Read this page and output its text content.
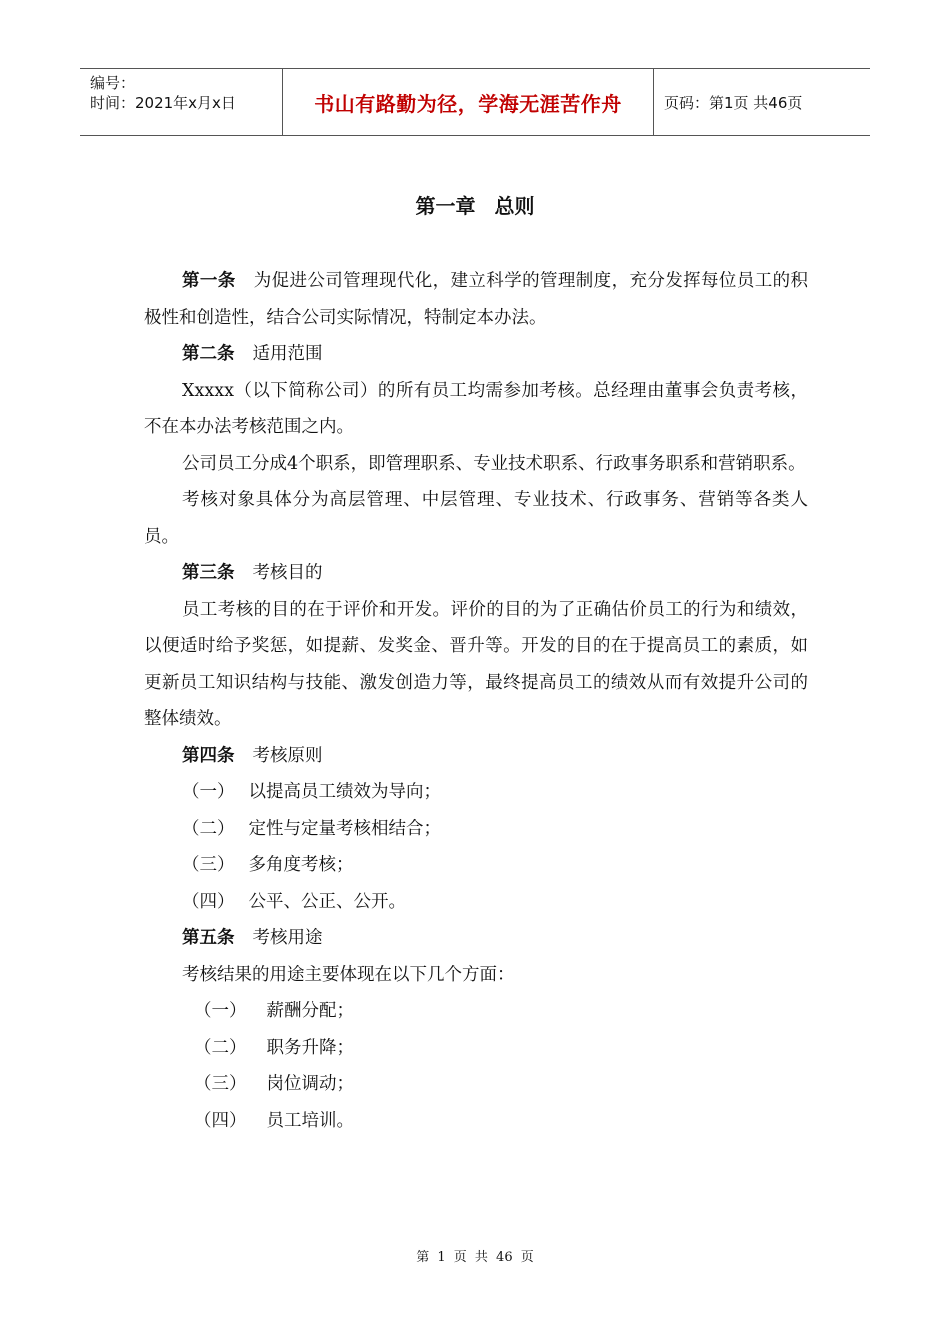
编号：
时间：2021年x月x日	书山有路勤为径，学海无涯苦作舟	页码：第1页 共46页
第一章 总则

第一条 为促进公司管理现代化，建立科学的管理制度，充分发挥每位员工的积极性和创造性，结合公司实际情况，特制定本办法。

第二条 适用范围

Xxxxx（以下简称公司）的所有员工均需参加考核。总经理由董事会负责考核，不在本办法考核范围之内。

公司员工分成4个职系，即管理职系、专业技术职系、行政事务职系和营销职系。

考核对象具体分为高层管理、中层管理、专业技术、行政事务、营销等各类人员。

第三条 考核目的

员工考核的目的在于评价和开发。评价的目的为了正确估价员工的行为和绩效，以便适时给予奖惩，如提薪、发奖金、晋升等。开发的目的在于提高员工的素质，如更新员工知识结构与技能、激发创造力等，最终提高员工的绩效从而有效提升公司的整体绩效。

第四条 考核原则

（一） 以提高员工绩效为导向；

（二） 定性与定量考核相结合；

（三） 多角度考核；

（四） 公平、公正、公开。

第五条 考核用途

考核结果的用途主要体现在以下几个方面：

（一） 薪酬分配；

（二） 职务升降；

（三） 岗位调动；

（四） 员工培训。

第 1 页 共 46 页
